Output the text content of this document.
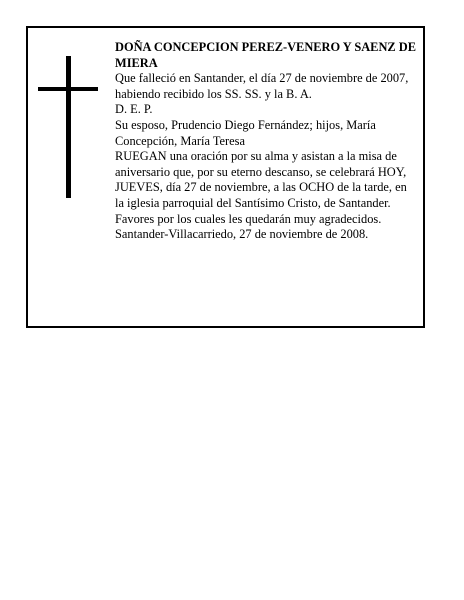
DOÑA CONCEPCION PEREZ-VENERO Y SAENZ DE MIERA

Que falleció en Santander, el día 27 de noviembre de 2007, habiendo recibido los SS. SS. y la B. A.

D. E. P.

Su esposo, Prudencio Diego Fernández; hijos, María Concepción, María Teresa

RUEGAN una oración por su alma y asistan a la misa de aniversario que, por su eterno descanso, se celebrará HOY, JUEVES, día 27 de noviembre, a las OCHO de la tarde, en la iglesia parroquial del Santísimo Cristo, de Santander. Favores por los cuales les quedarán muy agradecidos.

Santander-Villacarriedo, 27 de noviembre de 2008.
